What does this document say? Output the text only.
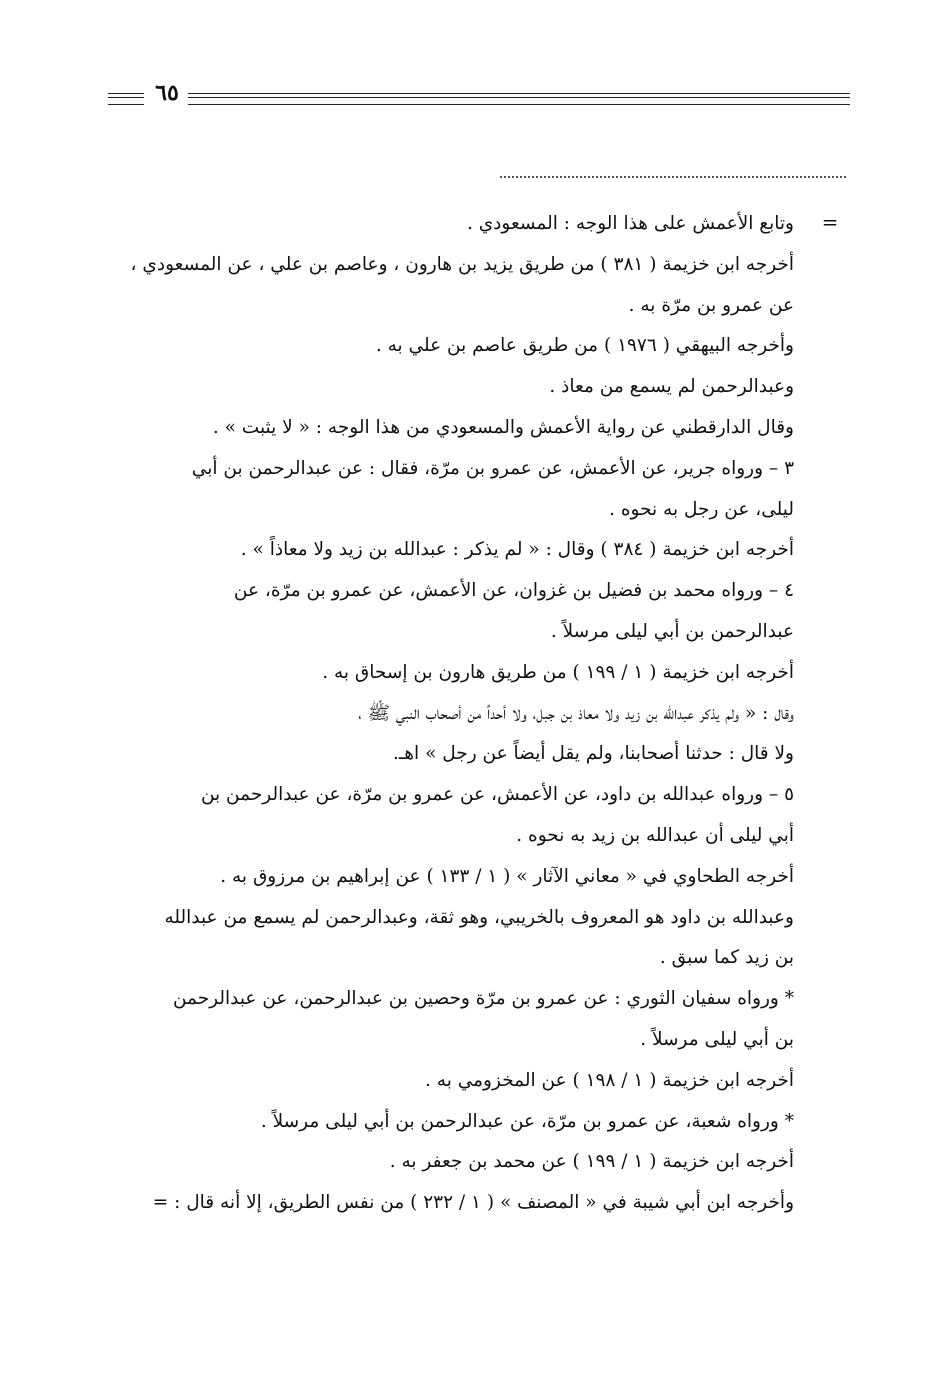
٦٥
=

وتابع الأعمش على هذا الوجه : المسعودي .

أخرجه ابن خزيمة ( ٣٨١ ) من طريق يزيد بن هارون ، وعاصم بن علي ، عن المسعودي ،

عن عمرو بن مرّة به .

وأخرجه البيهقي ( ١٩٧٦ ) من طريق عاصم بن علي به .

وعبدالرحمن لم يسمع من معاذ .

وقال الدارقطني عن رواية الأعمش والمسعودي من هذا الوجه : « لا يثبت » .

٣ – ورواه جرير، عن الأعمش، عن عمرو بن مرّة، فقال : عن عبدالرحمن بن أبي

ليلى، عن رجل به نحوه .

أخرجه ابن خزيمة ( ٣٨٤ ) وقال : « لم يذكر : عبدالله بن زيد ولا معاذاً » .

٤ – ورواه محمد بن فضيل بن غزوان، عن الأعمش، عن عمرو بن مرّة، عن

عبدالرحمن بن أبي ليلى مرسلاً .

أخرجه ابن خزيمة ( ١ / ١٩٩ ) من طريق هارون بن إسحاق به .

وقال : « ولم يذكر عبدالله بن زيد ولا معاذ بن جبل، ولا أحداً من أصحاب النبي ﷺ ،

ولا قال : حدثنا أصحابنا، ولم يقل أيضاً عن رجل » اهـ.

٥ – ورواه عبدالله بن داود، عن الأعمش، عن عمرو بن مرّة، عن عبدالرحمن بن

أبي ليلى أن عبدالله بن زيد به نحوه .

أخرجه الطحاوي في « معاني الآثار » ( ١ / ١٣٣ ) عن إبراهيم بن مرزوق به .

وعبدالله بن داود هو المعروف بالخريبي، وهو ثقة، وعبدالرحمن لم يسمع من عبدالله

بن زيد كما سبق .

* ورواه سفيان الثوري : عن عمرو بن مرّة وحصين بن عبدالرحمن، عن عبدالرحمن

بن أبي ليلى مرسلاً .

أخرجه ابن خزيمة ( ١ / ١٩٨ ) عن المخزومي به .

* ورواه شعبة، عن عمرو بن مرّة، عن عبدالرحمن بن أبي ليلى مرسلاً .

أخرجه ابن خزيمة ( ١ / ١٩٩ ) عن محمد بن جعفر به .

وأخرجه ابن أبي شيبة في « المصنف » ( ١ / ٢٣٢ ) من نفس الطريق، إلا أنه قال : =
